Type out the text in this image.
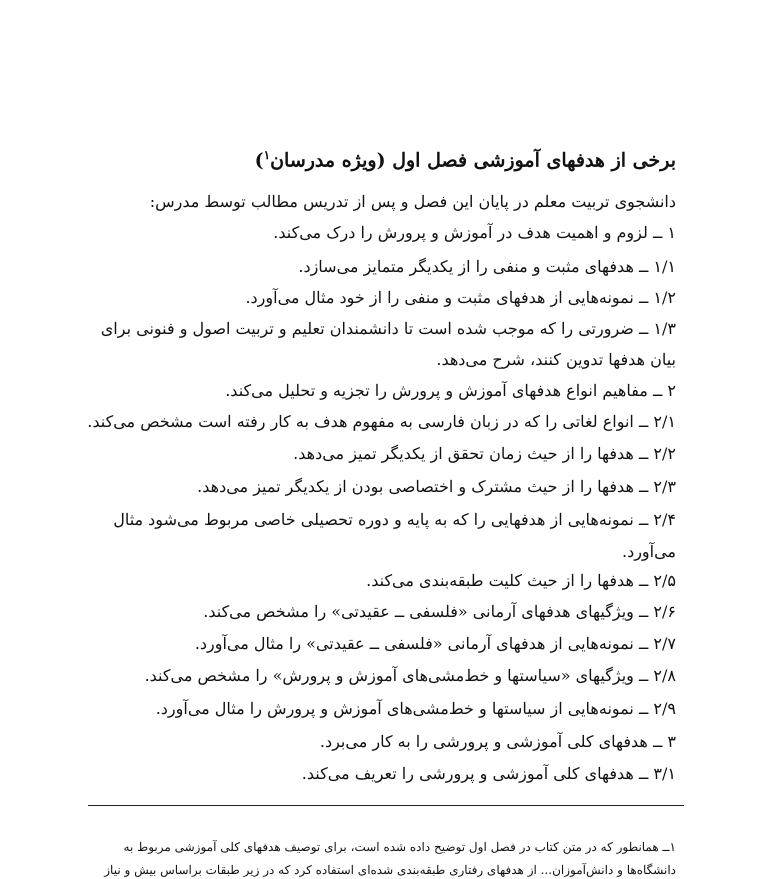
برخی از هدفهای آموزشی فصل اول (ویژه مدرسان$^۱$)
دانشجوی تربیت معلم در پایان این فصل و پس از تدریس مطالب توسط مدرس:
۱ ــ لزوم و اهمیت هدف در آموزش و پرورش را درک می‌کند.
۱/۱ ــ هدفهای مثبت و منفی را از یکدیگر متمایز می‌سازد.
۱/۲ ــ نمونه‌هایی از هدفهای مثبت و منفی را از خود مثال می‌آورد.
۱/۳ ــ ضرورتی را که موجب شده است تا دانشمندان تعلیم و تربیت اصول و فنونی برای
بیان هدفها تدوین کنند، شرح می‌دهد.
۲ ــ مفاهیم انواع هدفهای آموزش و پرورش را تجزیه و تحلیل می‌کند.
۲/۱ ــ انواع لغاتی را که در زبان فارسی به مفهوم هدف به کار رفته است مشخص می‌کند.
۲/۲ ــ هدفها را از حیث زمان تحقق از یکدیگر تمیز می‌دهد.
۲/۳ ــ هدفها را از حیث مشترک و اختصاصی بودن از یکدیگر تمیز می‌دهد.
۲/۴ ــ نمونه‌هایی از هدفهایی را که به پایه و دوره تحصیلی خاصی مربوط می‌شود مثال
می‌آورد.
۲/۵ ــ هدفها را از حیث کلیت طبقه‌بندی می‌کند.
۲/۶ ــ ویژگیهای هدفهای آرمانی «فلسفی ــ عقیدتی» را مشخص می‌کند.
۲/۷ ــ نمونه‌هایی از هدفهای آرمانی «فلسفی ــ عقیدتی» را مثال می‌آورد.
۲/۸ ــ ویژگیهای «سیاستها و خط‌مشی‌های آموزش و پرورش» را مشخص می‌کند.
۲/۹ ــ نمونه‌هایی از سیاستها و خط‌مشی‌های آموزش و پرورش را مثال می‌آورد.
۳ ــ هدفهای کلی آموزشی و پرورشی را به کار می‌برد.
۳/۱ ــ هدفهای کلی آموزشی و پرورشی را تعریف می‌کند.
۱ــ همانطور که در متن کتاب در فصل اول توضیح داده شده است، برای توصیف هدفهای کلی آموزشی مربوط به
دانشگاه‌ها و دانش‌آموزان... از هدفهای رفتاری طبقه‌بندی شده‌ای استفاده کرد که در زیر طبقات براساس بیش و نیاز
